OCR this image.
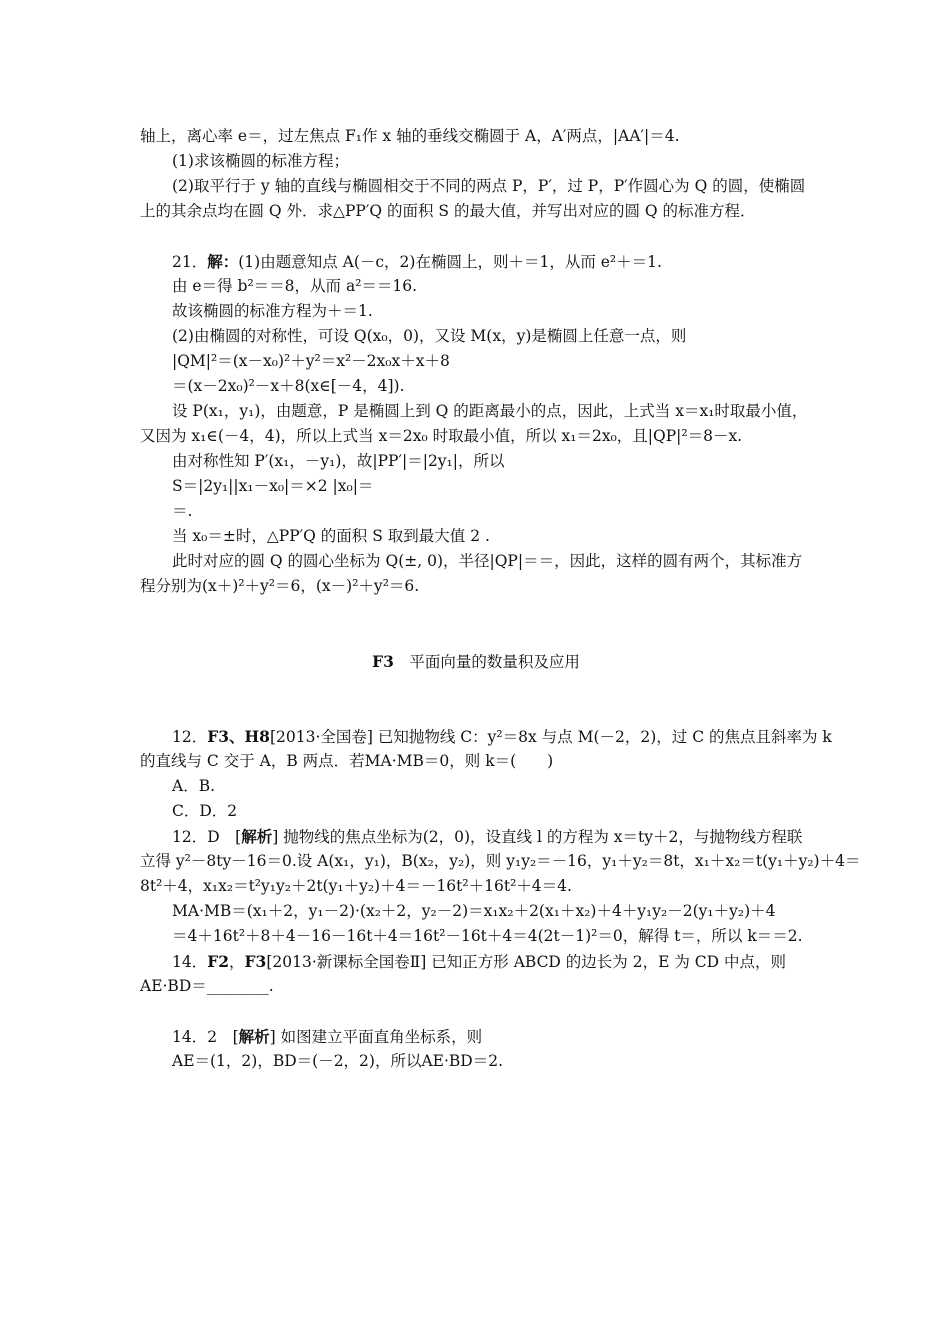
轴上，离心率 e＝，过左焦点 F₁作 x 轴的垂线交椭圆于 A，A′两点，|AA′|＝4.
(1)求该椭圆的标准方程；
(2)取平行于 y 轴的直线与椭圆相交于不同的两点 P，P′，过 P，P′作圆心为 Q 的圆，使椭圆
上的其余点均在圆 Q 外．求△PP′Q 的面积 S 的最大值，并写出对应的圆 Q 的标准方程．
21．解：(1)由题意知点 A(－c，2)在椭圆上，则＋＝1，从而 e²＋＝1.
由 e＝得 b²＝＝8，从而 a²＝＝16.
故该椭圆的标准方程为＋＝1.
(2)由椭圆的对称性，可设 Q(x₀，0)，又设 M(x，y)是椭圆上任意一点，则
|QM|²＝(x－x₀)²＋y²＝x²－2x₀x＋x＋8
＝(x－2x₀)²－x＋8(x∈[－4，4]).
设 P(x₁，y₁)，由题意，P 是椭圆上到 Q 的距离最小的点，因此，上式当 x＝x₁时取最小值，
又因为 x₁∈(－4，4)，所以上式当 x＝2x₀ 时取最小值，所以 x₁＝2x₀，且|QP|²＝8－x.
由对称性知 P′(x₁，－y₁)，故|PP′|＝|2y₁|，所以
S＝|2y₁||x₁－x₀|＝×2 |x₀|＝
＝.
当 x₀＝±时，△PP′Q 的面积 S 取到最大值 2 .
此时对应的圆 Q 的圆心坐标为 Q(±, 0)，半径|QP|＝＝，因此，这样的圆有两个，其标准方
程分别为(x＋)²＋y²＝6，(x－)²＋y²＝6.
F3　 平面向量的数量积及应用
12．F3、H8[2013·全国卷] 已知抛物线 C：y²＝8x 与点 M(－2，2)，过 C 的焦点且斜率为 k
的直线与 C 交于 A，B 两点．若MA·MB＝0，则 k＝(　　)
A．B.
C．D．2
12．D　[解析] 抛物线的焦点坐标为(2，0)，设直线 l 的方程为 x＝ty＋2，与抛物线方程联
立得 y²－8ty－16＝0.设 A(x₁，y₁)，B(x₂，y₂)，则 y₁y₂＝－16，y₁＋y₂＝8t，x₁＋x₂＝t(y₁＋y₂)＋4＝
8t²＋4，x₁x₂＝t²y₁y₂＋2t(y₁＋y₂)＋4＝－16t²＋16t²＋4＝4.
MA·MB＝(x₁＋2，y₁－2)·(x₂＋2，y₂－2)＝x₁x₂＋2(x₁＋x₂)＋4＋y₁y₂－2(y₁＋y₂)＋4
＝4＋16t²＋8＋4－16－16t＋4＝16t²－16t＋4＝4(2t－1)²＝0，解得 t＝，所以 k＝＝2.
14．F2，F3[2013·新课标全国卷Ⅱ] 已知正方形 ABCD 的边长为 2，E 为 CD 中点，则
AE·BD＝________.
14．2　[解析] 如图建立平面直角坐标系，则
AE＝(1，2)，BD＝(－2，2)，所以AE·BD＝2.
